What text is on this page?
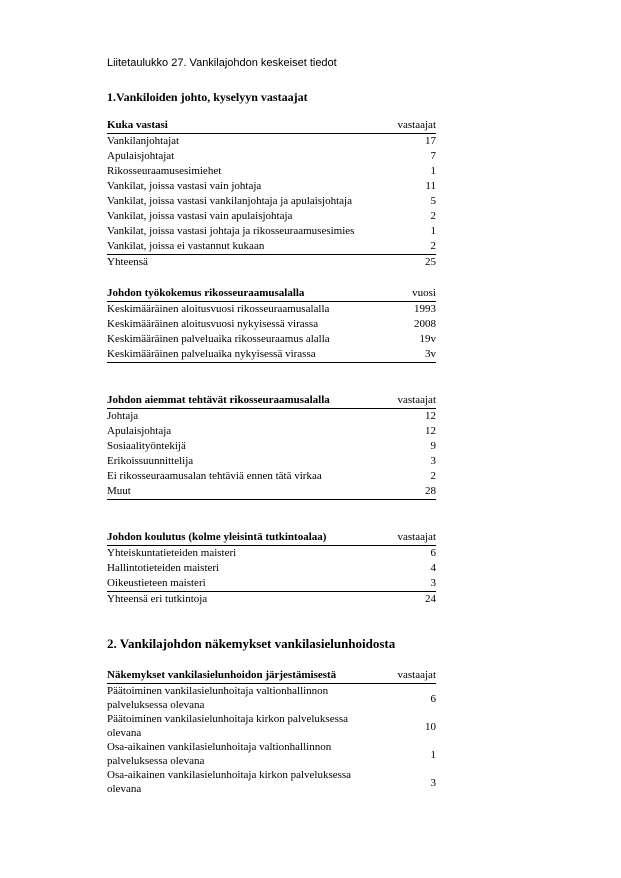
Liitetaulukko 27. Vankilajohdon keskeiset tiedot
1.Vankiloiden johto, kyselyyn vastaajat
Kuka vastasi	vastaajat
Vankilanjohtajat	17
Apulaisjohtajat	7
Rikosseuraamusesimiehet	1
Vankilat, joissa vastasi vain johtaja	11
Vankilat, joissa vastasi vankilanjohtaja ja apulaisjohtaja	5
Vankilat, joissa vastasi vain apulaisjohtaja	2
Vankilat, joissa vastasi johtaja ja rikosseuraamusesimies	1
Vankilat, joissa ei vastannut kukaan	2
Yhteensä	25
Johdon työkokemus rikosseuraamusalalla	vuosi
Keskimääräinen aloitusvuosi rikosseuraamusalalla	1993
Keskimääräinen aloitusvuosi nykyisessä virassa	2008
Keskimääräinen palveluaika rikosseuraamus alalla	19v
Keskimääräinen palveluaika nykyisessä virassa	3v
Johdon aiemmat tehtävät rikosseuraamusalalla	vastaajat
Johtaja	12
Apulaisjohtaja	12
Sosiaalityöntekijä	9
Erikoissuunnittelija	3
Ei rikosseuraamusalan tehtäviä ennen tätä virkaa	2
Muut	28
Johdon koulutus (kolme yleisintä tutkintoalaa)	vastaajat
Yhteiskuntatieteiden maisteri	6
Hallintotieteiden maisteri	4
Oikeustieteen maisteri	3
Yhteensä eri tutkintoja	24
2. Vankilajohdon näkemykset vankilasielunhoidosta
Näkemykset vankilasielunhoidon järjestämisestä	vastaajat
Päätoiminen vankilasielunhoitaja valtionhallinnon palveluksessa olevana	6
Päätoiminen vankilasielunhoitaja kirkon palveluksessa olevana	10
Osa-aikainen vankilasielunhoitaja valtionhallinnon palveluksessa olevana	1
Osa-aikainen vankilasielunhoitaja kirkon palveluksessa olevana	3
